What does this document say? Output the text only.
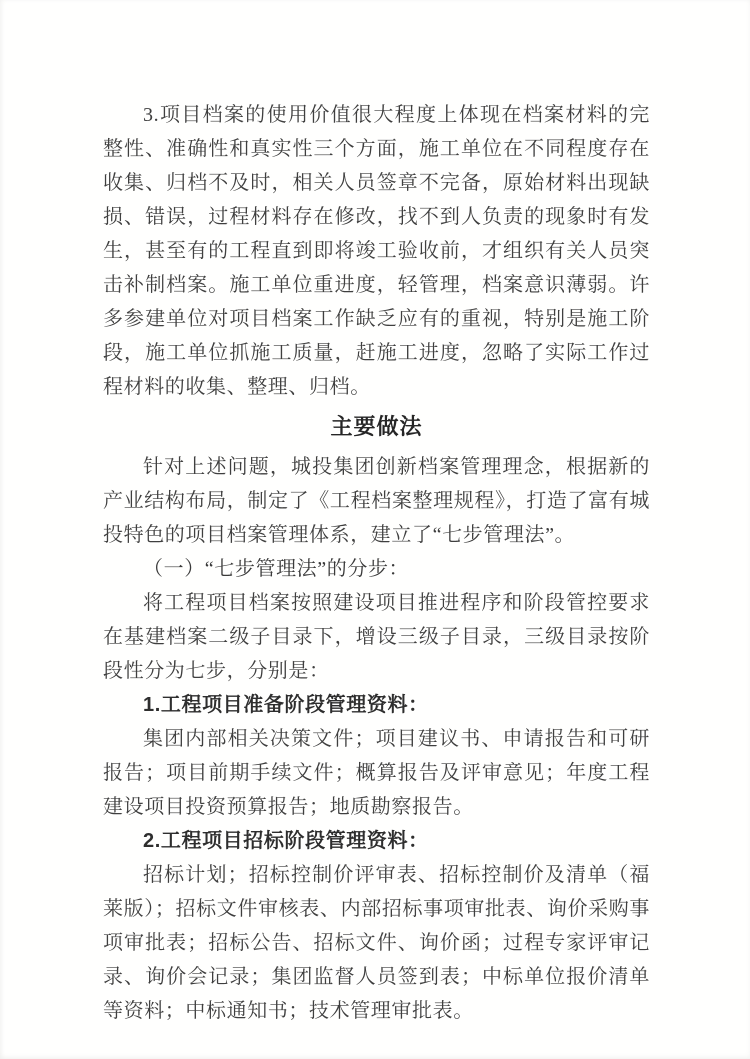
3.项目档案的使用价值很大程度上体现在档案材料的完整性、准确性和真实性三个方面，施工单位在不同程度存在收集、归档不及时，相关人员签章不完备，原始材料出现缺损、错误，过程材料存在修改，找不到人负责的现象时有发生，甚至有的工程直到即将竣工验收前，才组织有关人员突击补制档案。施工单位重进度，轻管理，档案意识薄弱。许多参建单位对项目档案工作缺乏应有的重视，特别是施工阶段，施工单位抓施工质量，赶施工进度，忽略了实际工作过程材料的收集、整理、归档。

主要做法

针对上述问题，城投集团创新档案管理理念，根据新的产业结构布局，制定了《工程档案整理规程》，打造了富有城投特色的项目档案管理体系，建立了“七步管理法”。

（一）“七步管理法”的分步：

将工程项目档案按照建设项目推进程序和阶段管控要求在基建档案二级子目录下，增设三级子目录，三级目录按阶段性分为七步，分别是：

1.工程项目准备阶段管理资料：

集团内部相关决策文件；项目建议书、申请报告和可研报告；项目前期手续文件；概算报告及评审意见；年度工程建设项目投资预算报告；地质勘察报告。

2.工程项目招标阶段管理资料：

招标计划；招标控制价评审表、招标控制价及清单（福莱版）；招标文件审核表、内部招标事项审批表、询价采购事项审批表；招标公告、招标文件、询价函；过程专家评审记录、询价会记录；集团监督人员签到表；中标单位报价清单等资料；中标通知书；技术管理审批表。
